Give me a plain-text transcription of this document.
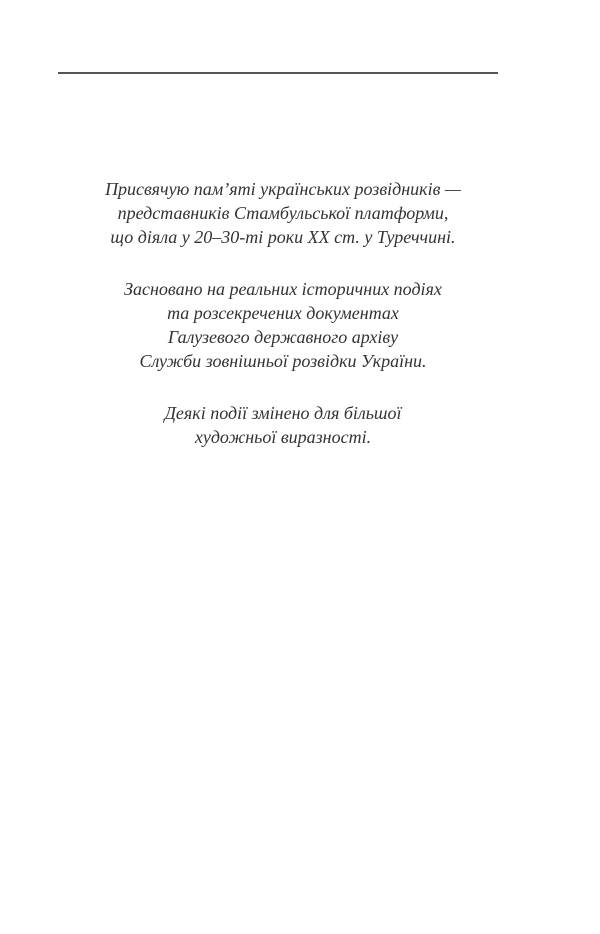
Присвячую пам’яті українських розвідників —
представників Стамбульської платформи,
що діяла у 20–30-ті роки XX ст. у Туреччині.
Засновано на реальних історичних подіях
та розсекречених документах
Галузевого державного архіву
Служби зовнішньої розвідки України.
Деякі події змінено для більшої
художньої виразності.
